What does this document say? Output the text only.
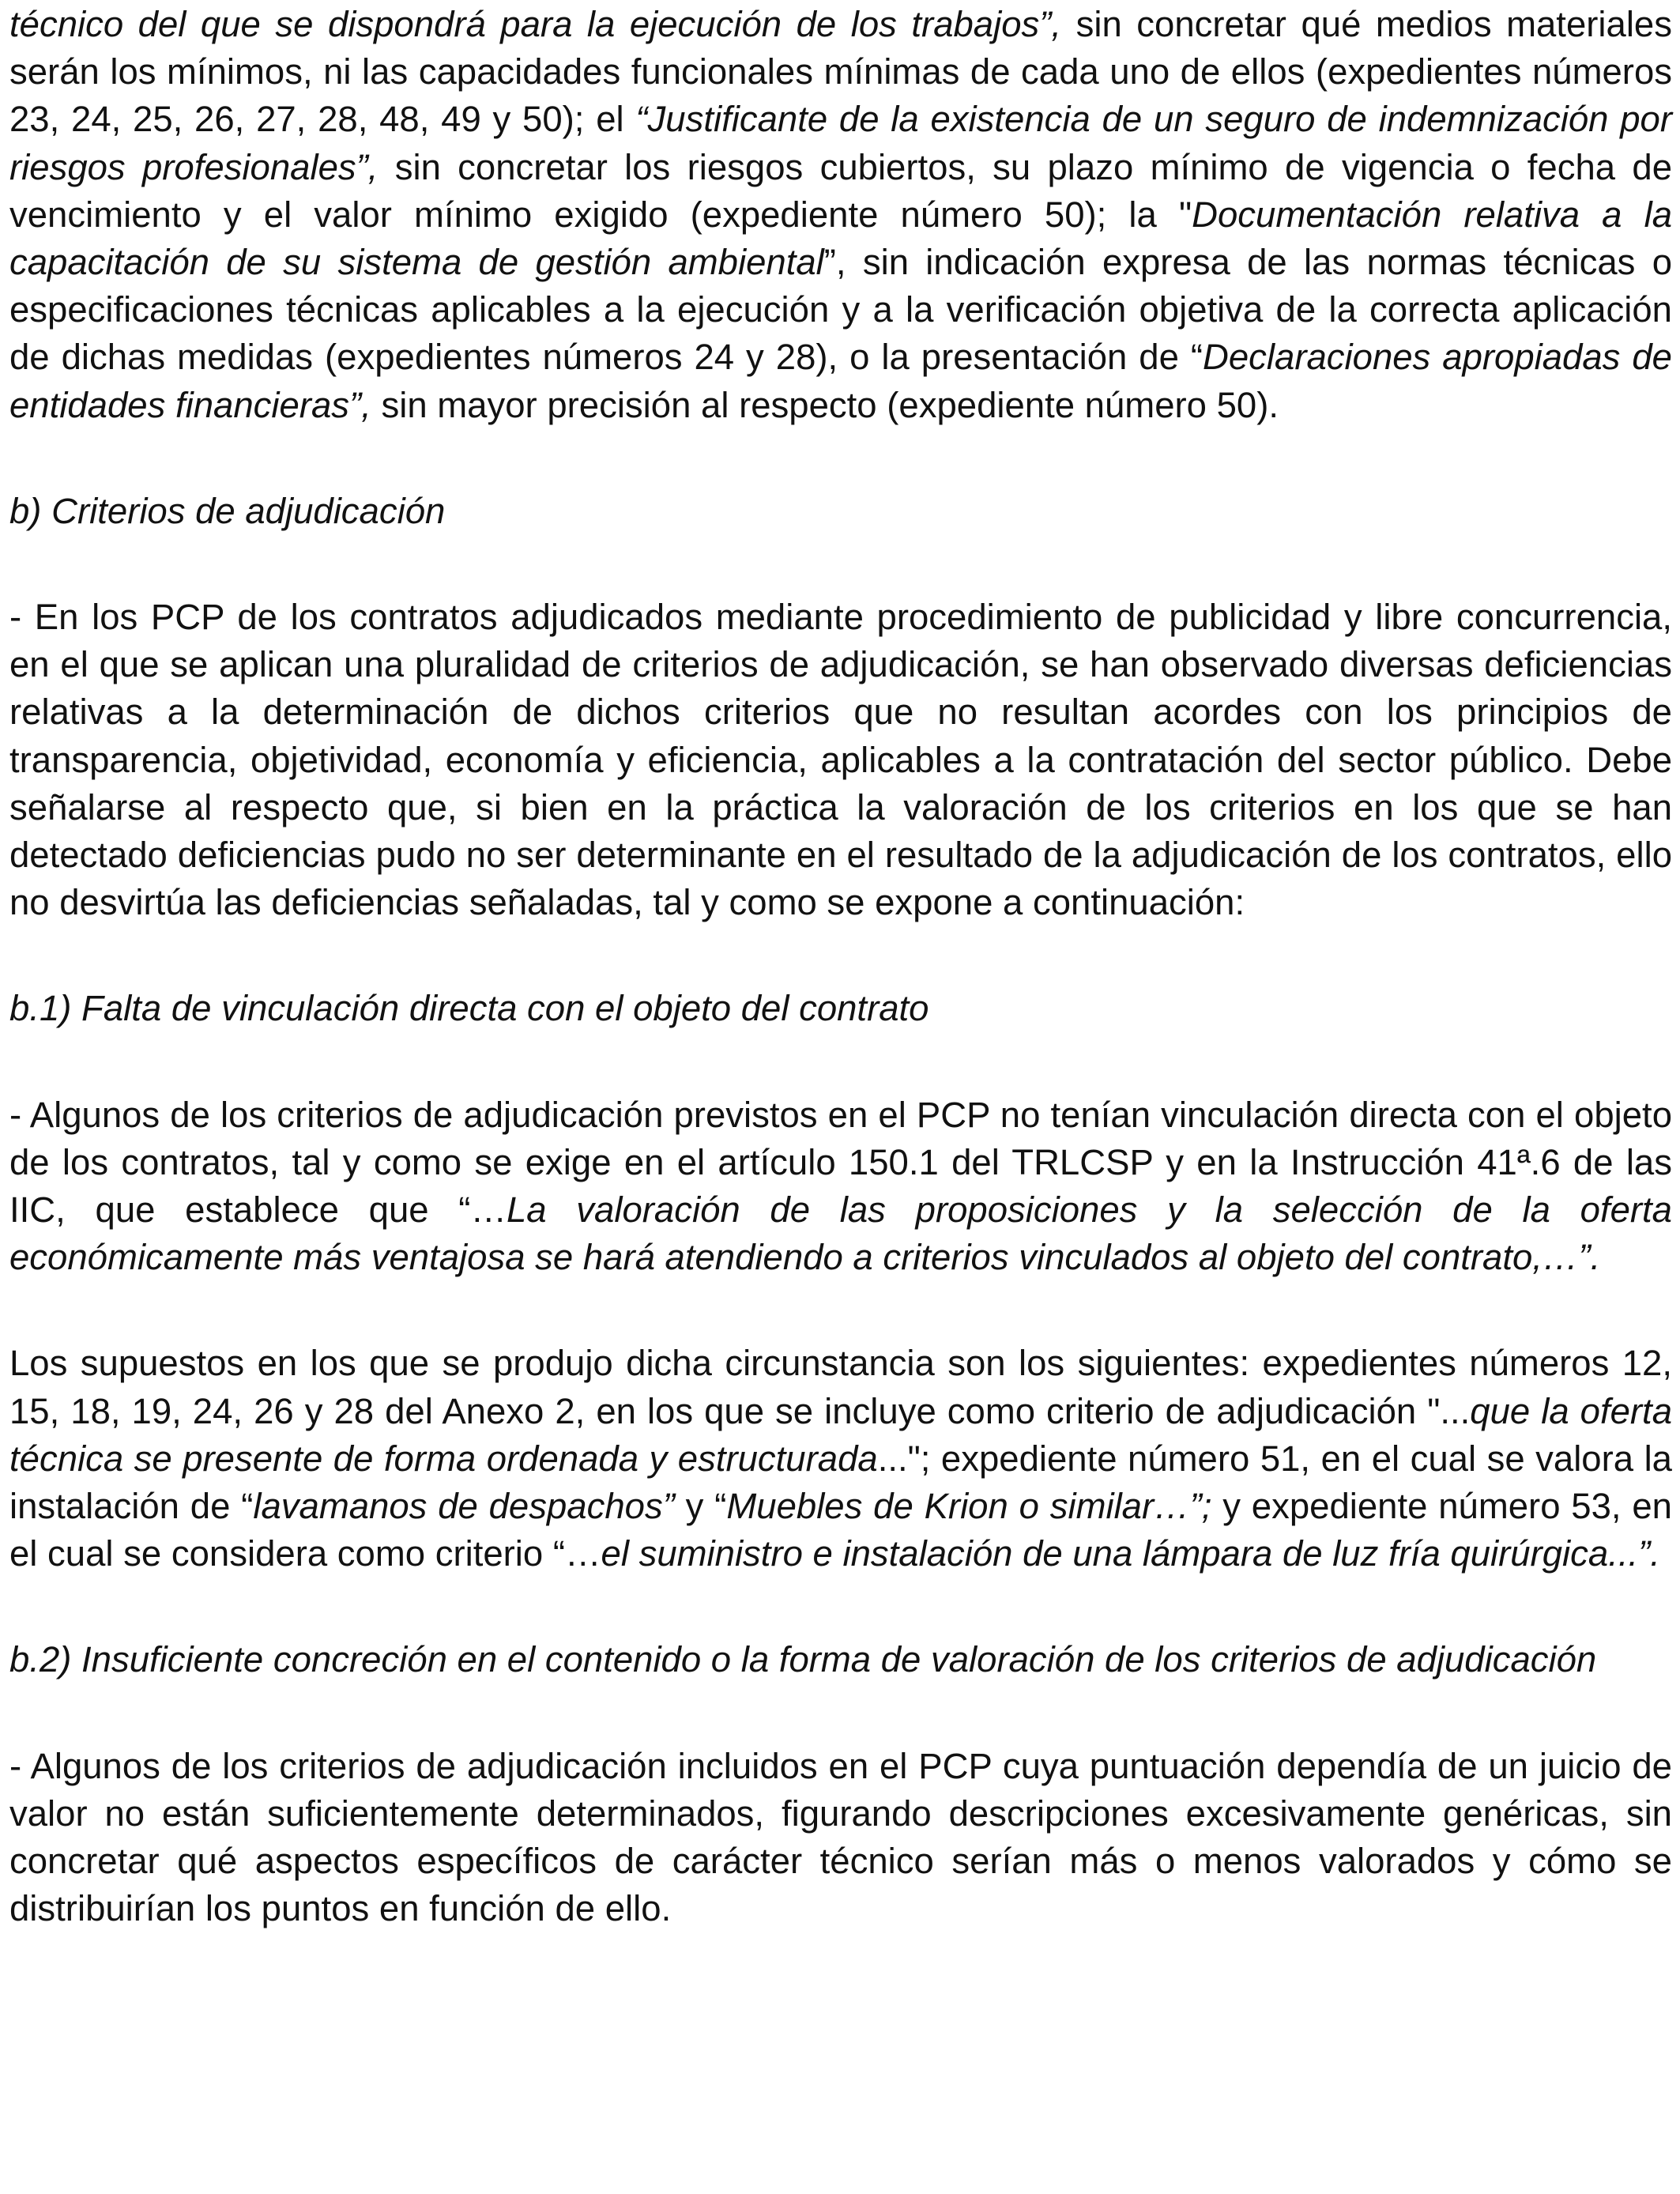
técnico del que se dispondrá para la ejecución de los trabajos”, sin concretar qué medios materiales serán los mínimos, ni las capacidades funcionales mínimas de cada uno de ellos (expedientes números 23, 24, 25, 26, 27, 28, 48, 49 y 50); el “Justificante de la existencia de un seguro de indemnización por riesgos profesionales”, sin concretar los riesgos cubiertos, su plazo mínimo de vigencia o fecha de vencimiento y el valor mínimo exigido (expediente número 50); la "Documentación relativa a la capacitación de su sistema de gestión ambiental”, sin indicación expresa de las normas técnicas o especificaciones técnicas aplicables a la ejecución y a la verificación objetiva de la correcta aplicación de dichas medidas (expedientes números 24 y 28), o la presentación de “Declaraciones apropiadas de entidades financieras”, sin mayor precisión al respecto (expediente número 50).

b) Criterios de adjudicación

- En los PCP de los contratos adjudicados mediante procedimiento de publicidad y libre concurrencia, en el que se aplican una pluralidad de criterios de adjudicación, se han observado diversas deficiencias relativas a la determinación de dichos criterios que no resultan acordes con los principios de transparencia, objetividad, economía y eficiencia, aplicables a la contratación del sector público. Debe señalarse al respecto que, si bien en la práctica la valoración de los criterios en los que se han detectado deficiencias pudo no ser determinante en el resultado de la adjudicación de los contratos, ello no desvirtúa las deficiencias señaladas, tal y como se expone a continuación:

b.1) Falta de vinculación directa con el objeto del contrato

- Algunos de los criterios de adjudicación previstos en el PCP no tenían vinculación directa con el objeto de los contratos, tal y como se exige en el artículo 150.1 del TRLCSP y en la Instrucción 41ª.6 de las IIC, que establece que “…La valoración de las proposiciones y la selección de la oferta económicamente más ventajosa se hará atendiendo a criterios vinculados al objeto del contrato,…”.

Los supuestos en los que se produjo dicha circunstancia son los siguientes: expedientes números 12, 15, 18, 19, 24, 26 y 28 del Anexo 2, en los que se incluye como criterio de adjudicación "...que la oferta técnica se presente de forma ordenada y estructurada..."; expediente número 51, en el cual se valora la instalación de “lavamanos de despachos” y “Muebles de Krion o similar…”; y expediente número 53, en el cual se considera como criterio “…el suministro e instalación de una lámpara de luz fría quirúrgica...”.

b.2) Insuficiente concreción en el contenido o la forma de valoración de los criterios de adjudicación

- Algunos de los criterios de adjudicación incluidos en el PCP cuya puntuación dependía de un juicio de valor no están suficientemente determinados, figurando descripciones excesivamente genéricas, sin concretar qué aspectos específicos de carácter técnico serían más o menos valorados y cómo se distribuirían los puntos en función de ello.
